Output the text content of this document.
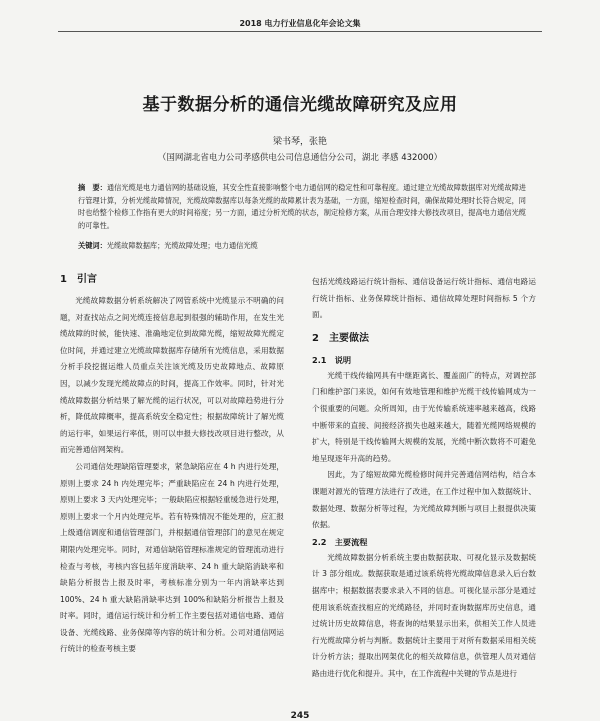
2018 电力行业信息化年会论文集
基于数据分析的通信光缆故障研究及应用
梁书琴，张艳
（国网湖北省电力公司孝感供电公司信息通信分公司，湖北 孝感 432000）
摘　要：通信光缆是电力通信网的基础设施，其安全性直接影响整个电力通信网的稳定性和可靠程度。通过建立光缆故障数据库对光缆故障进行管理计算，分析光缆故障情况，光缆故障数据库以每条光缆的故障累计表为基础，一方面，缩短检查时间，确保故障处理时长符合规定，同时也给整个检修工作指有更大的时间裕度；另一方面，通过分析光缆的状态，制定检修方案，从而合理安排大修技改项目，提高电力通信光缆的可靠性。
关键词：光缆故障数据库；光缆故障处理；电力通信光缆
1　引言

光缆故障数据分析系统解决了网管系统中光缆显示不明确的问题，对查找站点之间光缆连接信息起到很强的辅助作用，在发生光缆故障的时候，能快速、准确地定位到故障光缆，缩短故障光缆定位时间，并通过建立光缆故障数据库存储所有光缆信息，采用数据分析手段挖掘运维人员重点关注该光缆及历史故障地点、故障原因，以减少发现光缆故障点的时间，提高工作效率。同时，针对光缆故障数据分析结果了解光缆的运行状况，可以对故障趋势进行分析，降低故障概率，提高系统安全稳定性；根据故障统计了解光缆的运行率，如果运行率低，则可以申报大修技改项目进行整改，从而完善通信网架构。

公司通信处理缺陷管理要求，紧急缺陷应在 4 h 内进行处理，原则上要求 24 h 内处理完毕；严重缺陷应在 24 h 内进行处理，原则上要求 3 天内处理完毕；一般缺陷应根据轻重缓急进行处理，原则上要求一个月内处理完毕。若有特殊情况不能处理的，应汇报上级通信调度和通信管理部门，并根据通信管理部门的意见在规定期限内处理完毕。同时，对通信缺陷管理标准规定的管理流动进行检查与考核，考核内容包括年度消缺率、24 h 重大缺陷消缺率和缺陷分析报告上报及时率，考核标准分别为一年内消缺率达到 100%、24 h 重大缺陷消缺率达到 100%和缺陷分析报告上报及时率。同时，通信运行统计和分析工作主要包括对通信电路、通信设备、光缆线路、业务保障等内容的统计和分析。公司对通信网运行统计的检查考核主要

包括光缆线路运行统计指标、通信设备运行统计指标、通信电路运行统计指标、业务保障统计指标、通信故障处理时间指标 5 个方面。

2　主要做法
2.1　说明

光缆干线传输网具有中继距离长、覆盖面广的特点，对调控部门和维护部门来说，如何有效地管理和维护光缆干线传输网成为一个很重要的问题。众所周知，由于光传输系统速率越来越高，线路中断带来的直接、间接经济损失也越来越大，随着光缆网络规模的扩大，特别是干线传输网大规模的发展，光缆中断次数将不可避免地呈现逐年升高的趋势。

因此，为了缩短故障光缆检修时间并完善通信网结构，结合本课题对源光的管理方法进行了改进，在工作过程中加入数据统计、数据处理、数据分析等过程，为光缆故障判断与项目上报提供决策依据。

2.2　主要流程

光缆故障数据分析系统主要由数据获取、可视化显示及数据统计 3 部分组成。数据获取是通过该系统将光缆故障信息录入后台数据库中；根据数据表要求录入不同的信息。可视化显示部分是通过使用该系统查找相应的光缆路径，并同时查询数据库历史信息，通过统计历史故障信息，将查询的结果显示出来，供相关工作人员进行光缆故障分析与判断。数据统计主要用于对所有数据采用相关统计分析方法；提取出网架优化的相关故障信息，供管理人员对通信路由进行优化和提升。其中，在工作流程中关键的节点是进行

245
